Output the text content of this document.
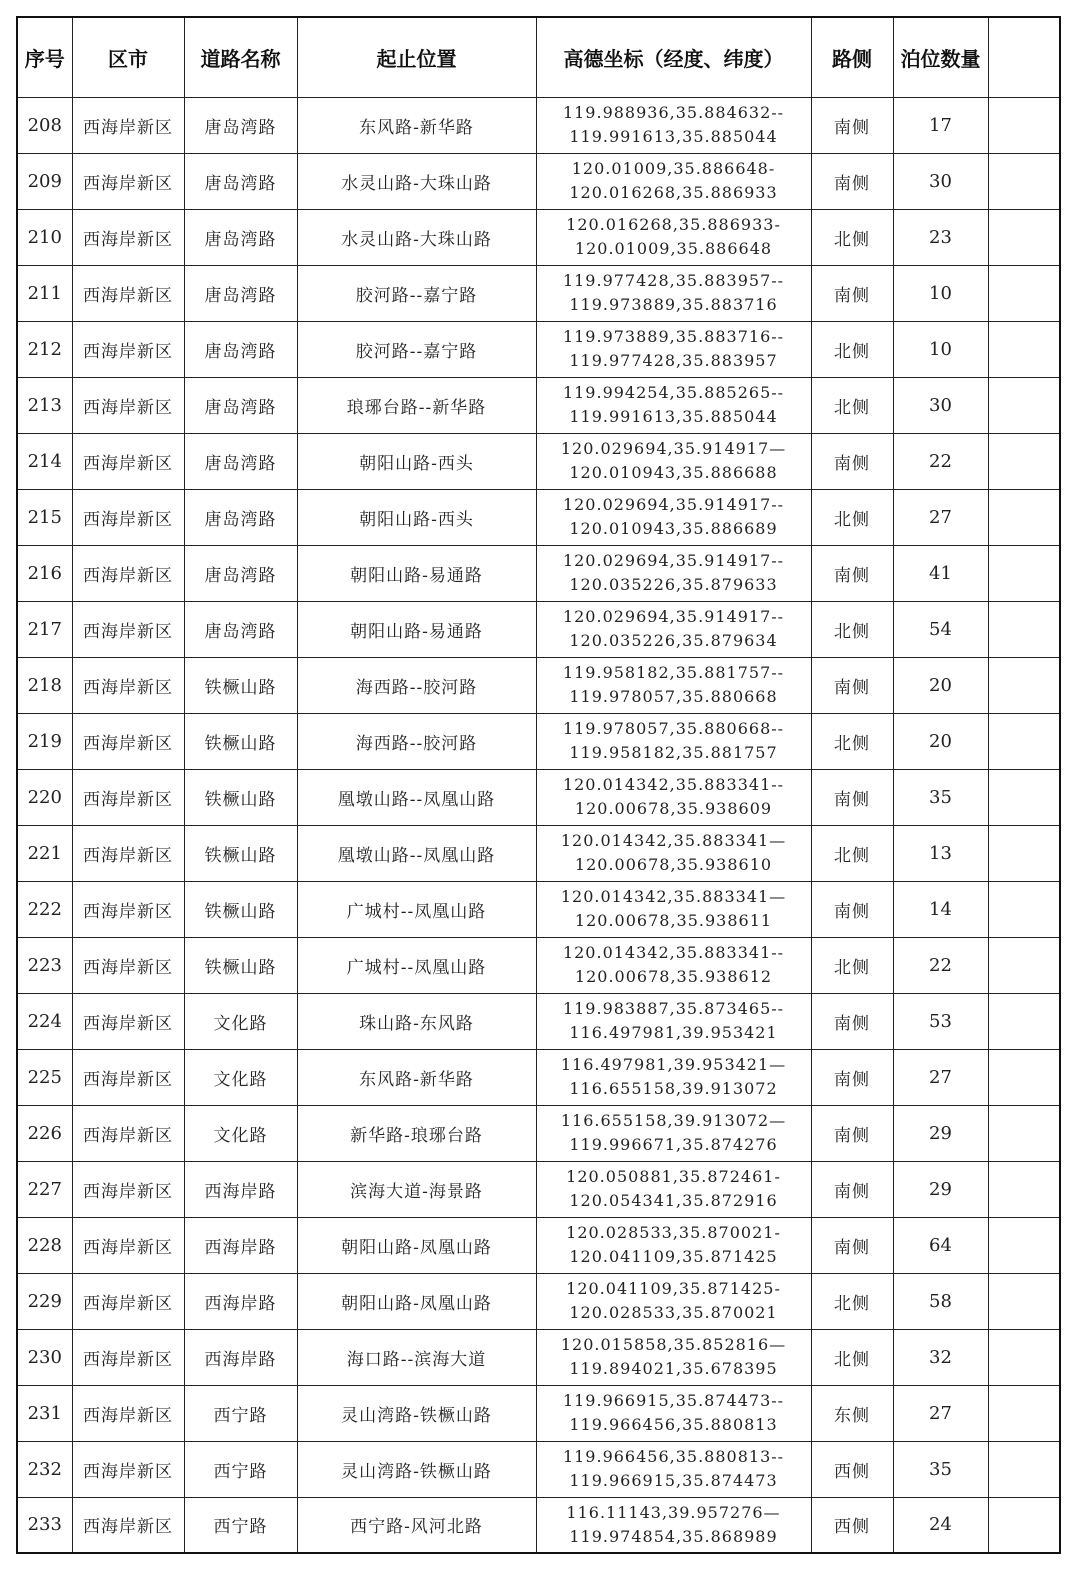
序号	区市	道路名称	起止位置	高德坐标（经度、纬度）	路侧	泊位数量	
208	西海岸新区	唐岛湾路	东风路-新华路	119.988936,35.884632--
119.991613,35.885044	南侧	17	
209	西海岸新区	唐岛湾路	水灵山路-大珠山路	120.01009,35.886648-
120.016268,35.886933	南侧	30	
210	西海岸新区	唐岛湾路	水灵山路-大珠山路	120.016268,35.886933-
120.01009,35.886648	北侧	23	
211	西海岸新区	唐岛湾路	胶河路--嘉宁路	119.977428,35.883957--
119.973889,35.883716	南侧	10	
212	西海岸新区	唐岛湾路	胶河路--嘉宁路	119.973889,35.883716--
119.977428,35.883957	北侧	10	
213	西海岸新区	唐岛湾路	琅琊台路--新华路	119.994254,35.885265--
119.991613,35.885044	北侧	30	
214	西海岸新区	唐岛湾路	朝阳山路-西头	120.029694,35.914917—
120.010943,35.886688	南侧	22	
215	西海岸新区	唐岛湾路	朝阳山路-西头	120.029694,35.914917--
120.010943,35.886689	北侧	27	
216	西海岸新区	唐岛湾路	朝阳山路-易通路	120.029694,35.914917--
120.035226,35.879633	南侧	41	
217	西海岸新区	唐岛湾路	朝阳山路-易通路	120.029694,35.914917--
120.035226,35.879634	北侧	54	
218	西海岸新区	铁橛山路	海西路--胶河路	119.958182,35.881757--
119.978057,35.880668	南侧	20	
219	西海岸新区	铁橛山路	海西路--胶河路	119.978057,35.880668--
119.958182,35.881757	北侧	20	
220	西海岸新区	铁橛山路	凰墩山路--凤凰山路	120.014342,35.883341--
120.00678,35.938609	南侧	35	
221	西海岸新区	铁橛山路	凰墩山路--凤凰山路	120.014342,35.883341—
120.00678,35.938610	北侧	13	
222	西海岸新区	铁橛山路	广城村--凤凰山路	120.014342,35.883341—
120.00678,35.938611	南侧	14	
223	西海岸新区	铁橛山路	广城村--凤凰山路	120.014342,35.883341--
120.00678,35.938612	北侧	22	
224	西海岸新区	文化路	珠山路-东风路	119.983887,35.873465--
116.497981,39.953421	南侧	53	
225	西海岸新区	文化路	东风路-新华路	116.497981,39.953421—
116.655158,39.913072	南侧	27	
226	西海岸新区	文化路	新华路-琅琊台路	116.655158,39.913072—
119.996671,35.874276	南侧	29	
227	西海岸新区	西海岸路	滨海大道-海景路	120.050881,35.872461-
120.054341,35.872916	南侧	29	
228	西海岸新区	西海岸路	朝阳山路-凤凰山路	120.028533,35.870021-
120.041109,35.871425	南侧	64	
229	西海岸新区	西海岸路	朝阳山路-凤凰山路	120.041109,35.871425-
120.028533,35.870021	北侧	58	
230	西海岸新区	西海岸路	海口路--滨海大道	120.015858,35.852816—
119.894021,35.678395	北侧	32	
231	西海岸新区	西宁路	灵山湾路-铁橛山路	119.966915,35.874473--
119.966456,35.880813	东侧	27	
232	西海岸新区	西宁路	灵山湾路-铁橛山路	119.966456,35.880813--
119.966915,35.874473	西侧	35	
233	西海岸新区	西宁路	西宁路-风河北路	116.11143,39.957276—
119.974854,35.868989	西侧	24	
